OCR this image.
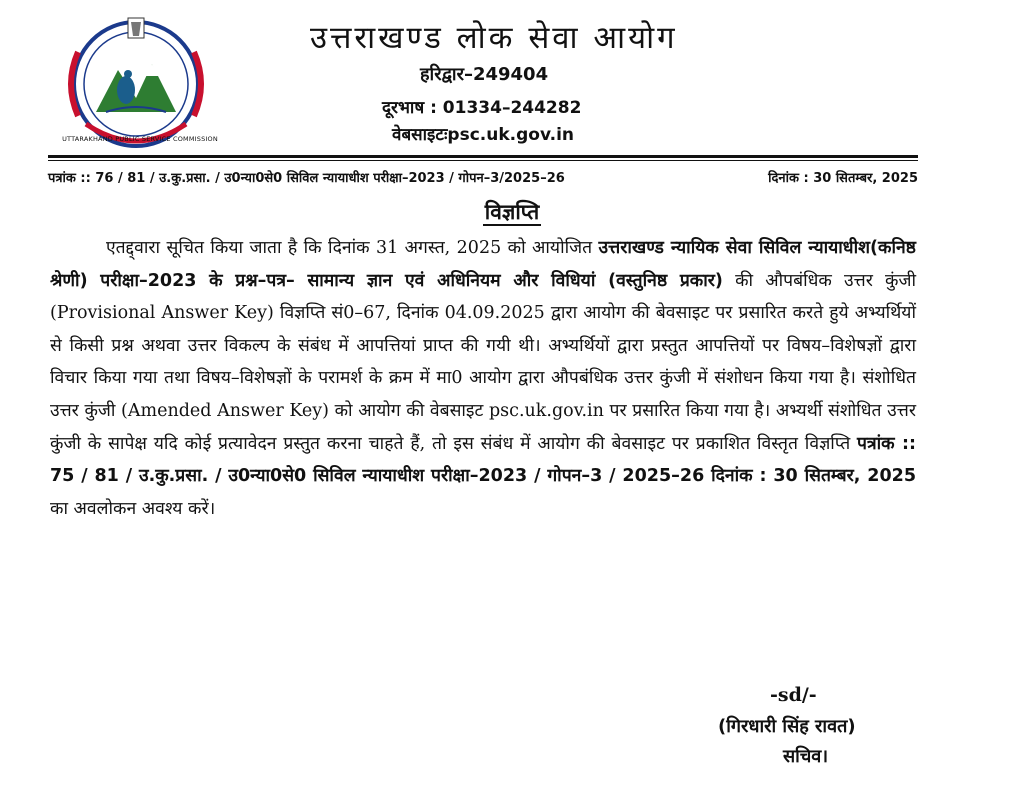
UTTARAKHAND PUBLIC SERVICE COMMISSION
उत्तराखण्ड लोक सेवा आयोग
हरिद्वार–249404
दूरभाष : 01334–244282
वेबसाइटःpsc.uk.gov.in
पत्रांक :: 76 / 81 / उ.कु.प्रसा. / उ0न्या0से0 सिविल न्यायाधीश परीक्षा–2023 / गोपन–3/2025–26	दिनांक : 30 सितम्बर, 2025
विज्ञप्ति

एतद्द्वारा सूचित किया जाता है कि दिनांक 31 अगस्त, 2025 को आयोजित उत्तराखण्ड न्यायिक सेवा सिविल न्यायाधीश(कनिष्ठ श्रेणी) परीक्षा–2023 के प्रश्न–पत्र– सामान्य ज्ञान एवं अधिनियम और विधियां (वस्तुनिष्ठ प्रकार) की औपबंधिक उत्तर कुंजी (Provisional Answer Key) विज्ञप्ति सं0–67, दिनांक 04.09.2025 द्वारा आयोग की बेवसाइट पर प्रसारित करते हुये अभ्यर्थियों से किसी प्रश्न अथवा उत्तर विकल्प के संबंध में आपत्तियां प्राप्त की गयी थी। अभ्यर्थियों द्वारा प्रस्तुत आपत्तियों पर विषय–विशेषज्ञों द्वारा विचार किया गया तथा विषय–विशेषज्ञों के परामर्श के क्रम में मा0 आयोग द्वारा औपबंधिक उत्तर कुंजी में संशोधन किया गया है। संशोधित उत्तर कुंजी (Amended Answer Key) को आयोग की वेबसाइट psc.uk.gov.in पर प्रसारित किया गया है। अभ्यर्थी संशोधित उत्तर कुंजी के सापेक्ष यदि कोई प्रत्यावेदन प्रस्तुत करना चाहते हैं, तो इस संबंध में आयोग की बेवसाइट पर प्रकाशित विस्तृत विज्ञप्ति पत्रांक :: 75 / 81 / उ.कु.प्रसा. / उ0न्या0से0 सिविल न्यायाधीश परीक्षा–2023 / गोपन–3 / 2025–26 दिनांक : 30 सितम्बर, 2025 का अवलोकन अवश्य करें।

-sd/-
(गिरधारी सिंह रावत)
सचिव।
